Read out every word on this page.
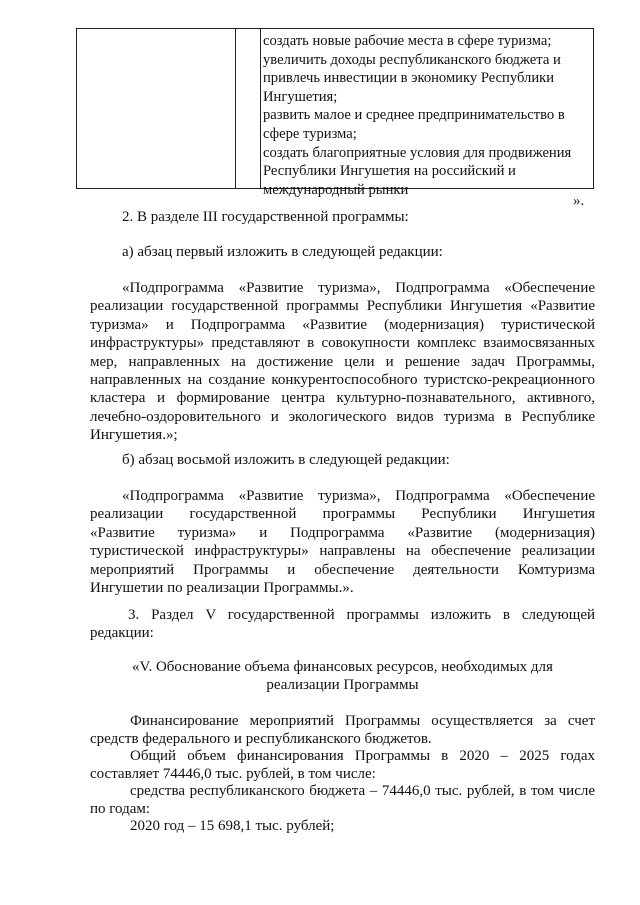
создать новые рабочие места в сфере туризма;
увеличить доходы республиканского бюджета и
привлечь инвестиции в экономику Республики
Ингушетия;
развить малое и среднее предпринимательство в
сфере туризма;
создать благоприятные условия для продвижения
Республики Ингушетия на российский и
международный рынки
».
2. В разделе III государственной программы:
а) абзац первый изложить в следующей редакции:
«Подпрограмма «Развитие туризма», Подпрограмма «Обеспечение
реализации государственной программы Республики Ингушетия «Развитие
туризма» и Подпрограмма «Развитие (модернизация) туристической
инфраструктуры» представляют в совокупности комплекс взаимосвязанных
мер, направленных на достижение цели и решение задач Программы,
направленных на создание конкурентоспособного туристско-рекреационного
кластера и формирование центра культурно-познавательного, активного,
лечебно-оздоровительного и экологического видов туризма в Республике
Ингушетия.»;
б) абзац восьмой изложить в следующей редакции:
«Подпрограмма «Развитие туризма», Подпрограмма «Обеспечение
реализации государственной программы Республики Ингушетия
«Развитие туризма» и Подпрограмма «Развитие (модернизация)
туристической инфраструктуры» направлены на обеспечение реализации
мероприятий Программы и обеспечение деятельности Комтуризма
Ингушетии по реализации Программы.».
3. Раздел V государственной программы изложить в следующей
редакции:
«V. Обоснование объема финансовых ресурсов, необходимых для
реализации Программы
Финансирование мероприятий Программы осуществляется за счет
средств федерального и республиканского бюджетов.
Общий объем финансирования Программы в 2020 – 2025 годах
составляет 74446,0 тыс. рублей, в том числе:
средства республиканского бюджета – 74446,0 тыс. рублей, в том числе
по годам:
2020 год – 15 698,1 тыс. рублей;
